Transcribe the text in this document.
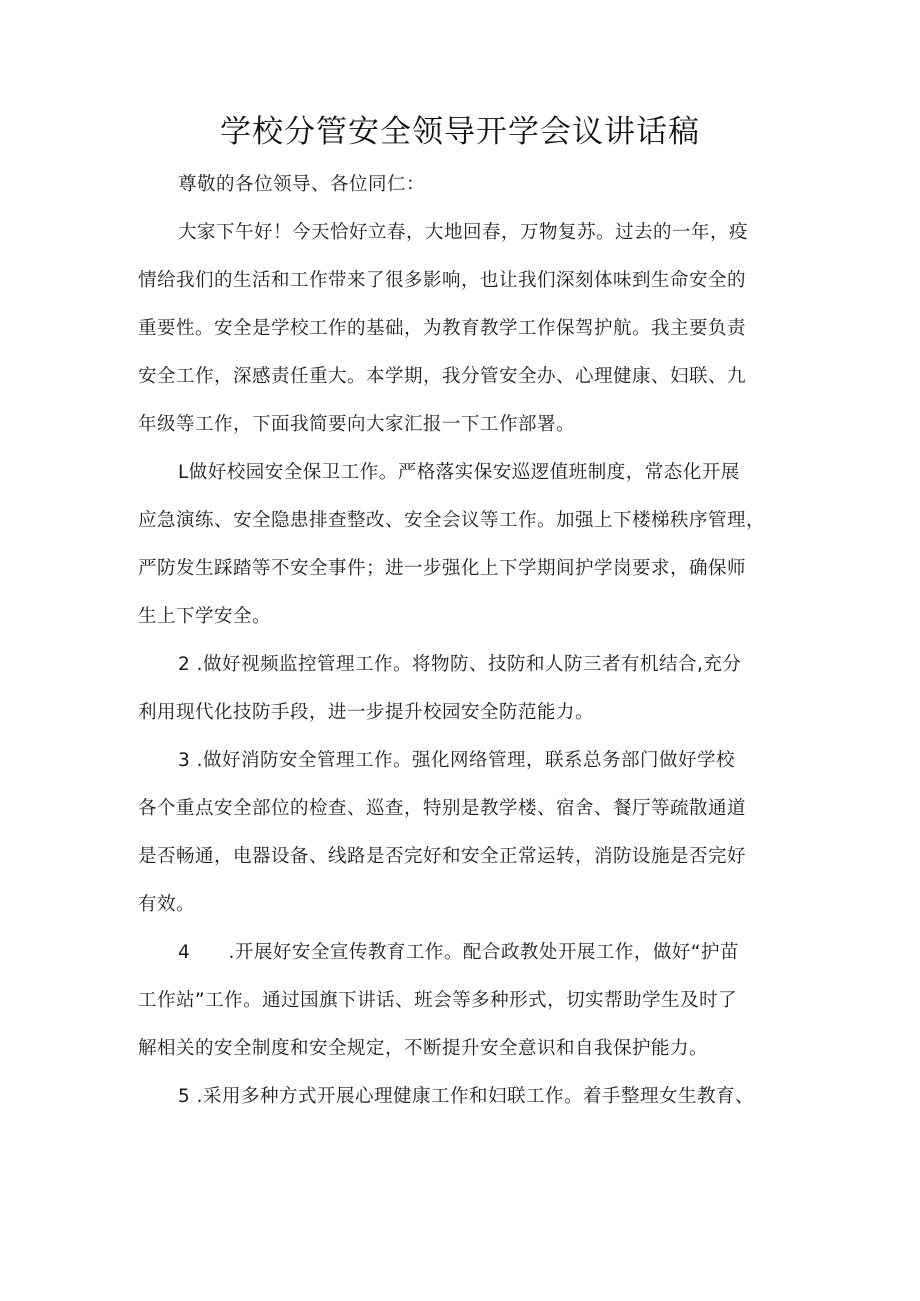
学校分管安全领导开学会议讲话稿
尊敬的各位领导、各位同仁：
大家下午好！今天恰好立春，大地回春，万物复苏。过去的一年，疫
情给我们的生活和工作带来了很多影响，也让我们深刻体味到生命安全的
重要性。安全是学校工作的基础，为教育教学工作保驾护航。我主要负责
安全工作，深感责任重大。本学期，我分管安全办、心理健康、妇联、九
年级等工作，下面我简要向大家汇报一下工作部署。
L做好校园安全保卫工作。严格落实保安巡逻值班制度，常态化开展
应急演练、安全隐患排查整改、安全会议等工作。加强上下楼梯秩序管理，
严防发生踩踏等不安全事件；进一步强化上下学期间护学岗要求，确保师
生上下学安全。
2 .做好视频监控管理工作。将物防、技防和人防三者有机结合,充分
利用现代化技防手段，进一步提升校园安全防范能力。
3 .做好消防安全管理工作。强化网络管理，联系总务部门做好学校
各个重点安全部位的检查、巡查，特别是教学楼、宿舍、餐厅等疏散通道
是否畅通，电器设备、线路是否完好和安全正常运转，消防设施是否完好
有效。
4      .开展好安全宣传教育工作。配合政教处开展工作，做好“护苗
工作站”工作。通过国旗下讲话、班会等多种形式，切实帮助学生及时了
解相关的安全制度和安全规定，不断提升安全意识和自我保护能力。
5 .采用多种方式开展心理健康工作和妇联工作。着手整理女生教育、
